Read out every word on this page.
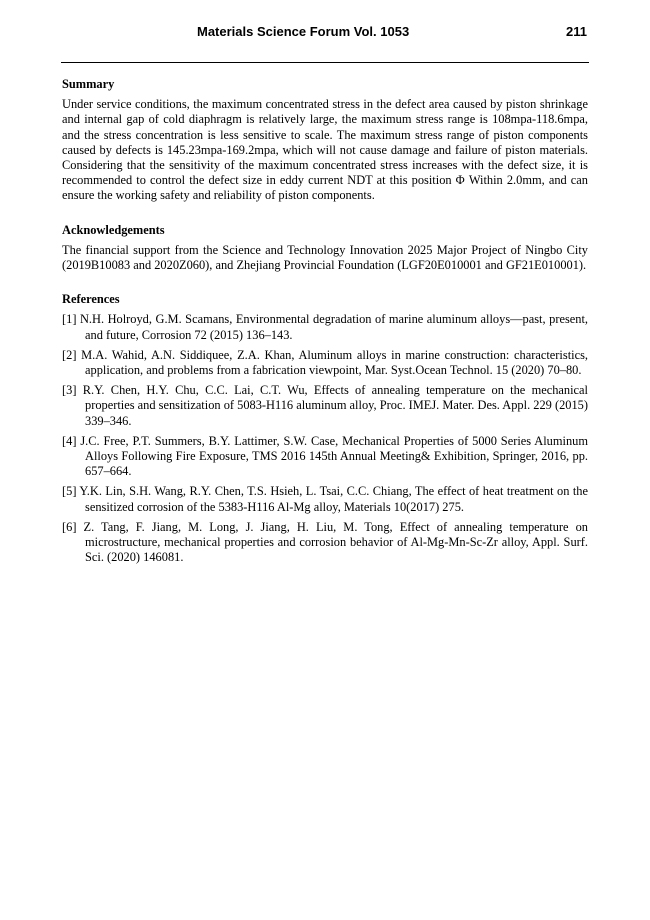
Materials Science Forum Vol. 1053	211
Summary

Under service conditions, the maximum concentrated stress in the defect area caused by piston shrinkage and internal gap of cold diaphragm is relatively large, the maximum stress range is 108mpa-118.6mpa, and the stress concentration is less sensitive to scale. The maximum stress range of piston components caused by defects is 145.23mpa-169.2mpa, which will not cause damage and failure of piston materials. Considering that the sensitivity of the maximum concentrated stress increases with the defect size, it is recommended to control the defect size in eddy current NDT at this position Φ Within 2.0mm, and can ensure the working safety and reliability of piston components.

Acknowledgements

The financial support from the Science and Technology Innovation 2025 Major Project of Ningbo City (2019B10083 and 2020Z060), and Zhejiang Provincial Foundation (LGF20E010001 and GF21E010001).

References
[1] N.H. Holroyd, G.M. Scamans, Environmental degradation of marine aluminum alloys—past, present, and future, Corrosion 72 (2015) 136–143.
[2] M.A. Wahid, A.N. Siddiquee, Z.A. Khan, Aluminum alloys in marine construction: characteristics, application, and problems from a fabrication viewpoint, Mar. Syst.Ocean Technol. 15 (2020) 70–80.
[3] R.Y. Chen, H.Y. Chu, C.C. Lai, C.T. Wu, Effects of annealing temperature on the mechanical properties and sensitization of 5083-H116 aluminum alloy, Proc. IMEJ. Mater. Des. Appl. 229 (2015) 339–346.
[4] J.C. Free, P.T. Summers, B.Y. Lattimer, S.W. Case, Mechanical Properties of 5000 Series Aluminum Alloys Following Fire Exposure, TMS 2016 145th Annual Meeting& Exhibition, Springer, 2016, pp. 657–664.
[5] Y.K. Lin, S.H. Wang, R.Y. Chen, T.S. Hsieh, L. Tsai, C.C. Chiang, The effect of heat treatment on the sensitized corrosion of the 5383-H116 Al-Mg alloy, Materials 10(2017) 275.
[6] Z. Tang, F. Jiang, M. Long, J. Jiang, H. Liu, M. Tong, Effect of annealing temperature on microstructure, mechanical properties and corrosion behavior of Al-Mg-Mn-Sc-Zr alloy, Appl. Surf. Sci. (2020) 146081.
